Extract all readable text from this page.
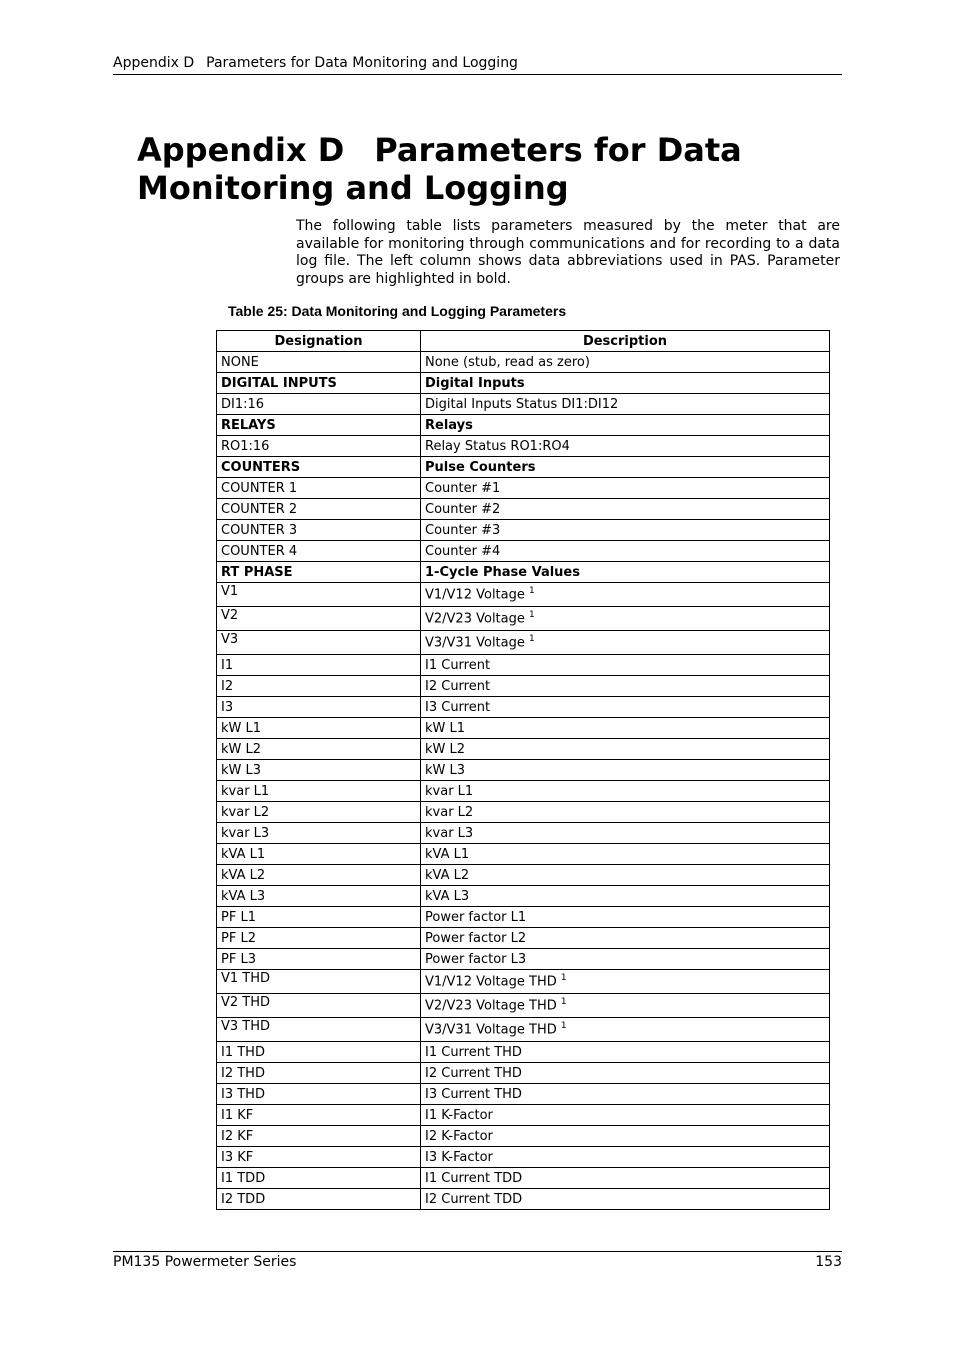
Appendix D Parameters for Data Monitoring and Logging
Appendix D Parameters for Data Monitoring and Logging

The following table lists parameters measured by the meter that are available for monitoring through communications and for recording to a data log file. The left column shows data abbreviations used in PAS. Parameter groups are highlighted in bold.

Table 25: Data Monitoring and Logging Parameters

Designation	Description
NONE	None (stub, read as zero)
DIGITAL INPUTS	Digital Inputs
DI1:16	Digital Inputs Status DI1:DI12
RELAYS	Relays
RO1:16	Relay Status RO1:RO4
COUNTERS	Pulse Counters
COUNTER 1	Counter #1
COUNTER 2	Counter #2
COUNTER 3	Counter #3
COUNTER 4	Counter #4
RT PHASE	1-Cycle Phase Values
V1	V1/V12 Voltage $^1$
V2	V2/V23 Voltage $^1$
V3	V3/V31 Voltage $^1$
I1	I1 Current
I2	I2 Current
I3	I3 Current
kW L1	kW L1
kW L2	kW L2
kW L3	kW L3
kvar L1	kvar L1
kvar L2	kvar L2
kvar L3	kvar L3
kVA L1	kVA L1
kVA L2	kVA L2
kVA L3	kVA L3
PF L1	Power factor L1
PF L2	Power factor L2
PF L3	Power factor L3
V1 THD	V1/V12 Voltage THD $^1$
V2 THD	V2/V23 Voltage THD $^1$
V3 THD	V3/V31 Voltage THD $^1$
I1 THD	I1 Current THD
I2 THD	I2 Current THD
I3 THD	I3 Current THD
I1 KF	I1 K-Factor
I2 KF	I2 K-Factor
I3 KF	I3 K-Factor
I1 TDD	I1 Current TDD
I2 TDD	I2 Current TDD
PM135 Powermeter Series	153
